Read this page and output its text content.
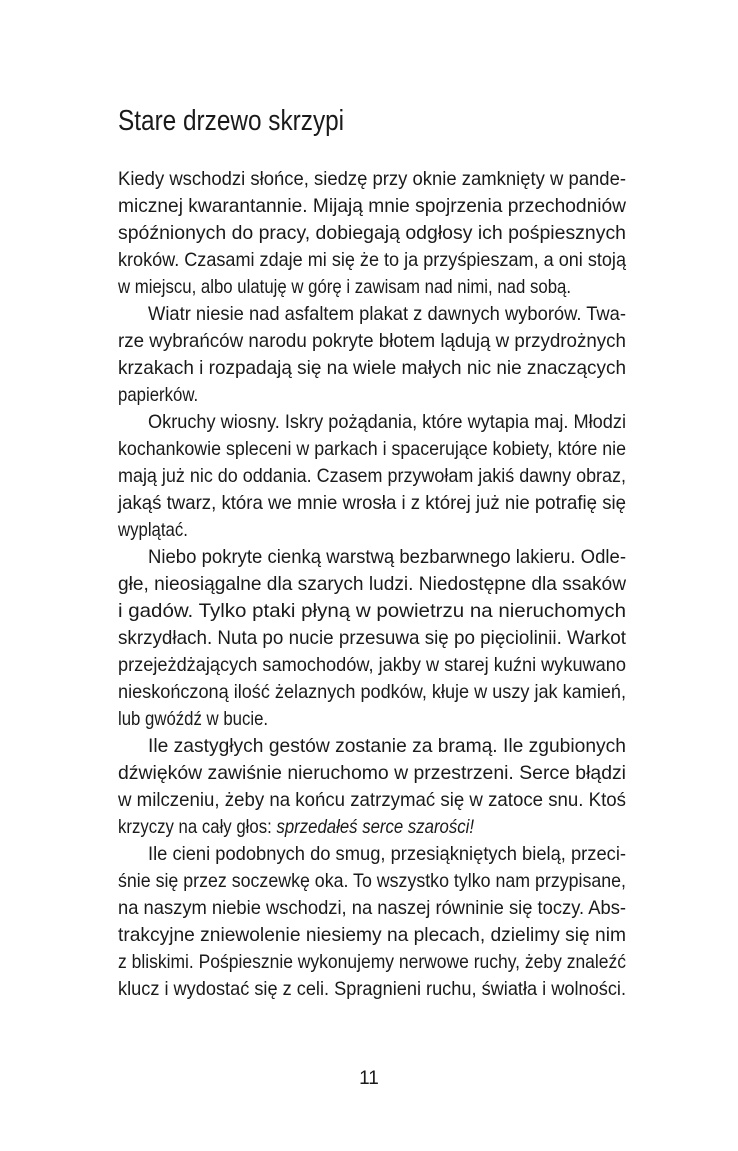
Stare drzewo skrzypi
Kiedy wschodzi słońce, siedzę przy oknie zamknięty w pande-
micznej kwarantannie. Mijają mnie spojrzenia przechodniów
spóźnionych do pracy, dobiegają odgłosy ich pośpiesznych
kroków. Czasami zdaje mi się że to ja przyśpieszam, a oni stoją
w miejscu, albo ulatuję w górę i zawisam nad nimi, nad sobą.
Wiatr niesie nad asfaltem plakat z dawnych wyborów. Twa-
rze wybrańców narodu pokryte błotem lądują w przydrożnych
krzakach i rozpadają się na wiele małych nic nie znaczących
papierków.
Okruchy wiosny. Iskry pożądania, które wytapia maj. Młodzi
kochankowie spleceni w parkach i spacerujące kobiety, które nie
mają już nic do oddania. Czasem przywołam jakiś dawny obraz,
jakąś twarz, która we mnie wrosła i z której już nie potrafię się
wyplątać.
Niebo pokryte cienką warstwą bezbarwnego lakieru. Odle-
głe, nieosiągalne dla szarych ludzi. Niedostępne dla ssaków
i gadów. Tylko ptaki płyną w powietrzu na nieruchomych
skrzydłach. Nuta po nucie przesuwa się po pięciolinii. Warkot
przejeżdżających samochodów, jakby w starej kuźni wykuwano
nieskończoną ilość żelaznych podków, kłuje w uszy jak kamień,
lub gwóźdź w bucie.
Ile zastygłych gestów zostanie za bramą. Ile zgubionych
dźwięków zawiśnie nieruchomo w przestrzeni. Serce błądzi
w milczeniu, żeby na końcu zatrzymać się w zatoce snu. Ktoś
krzyczy na cały głos: sprzedałeś serce szarości!
Ile cieni podobnych do smug, przesiąkniętych bielą, przeci-
śnie się przez soczewkę oka. To wszystko tylko nam przypisane,
na naszym niebie wschodzi, na naszej równinie się toczy. Abs-
trakcyjne zniewolenie niesiemy na plecach, dzielimy się nim
z bliskimi. Pośpiesznie wykonujemy nerwowe ruchy, żeby znaleźć
klucz i wydostać się z celi. Spragnieni ruchu, światła i wolności.
11
